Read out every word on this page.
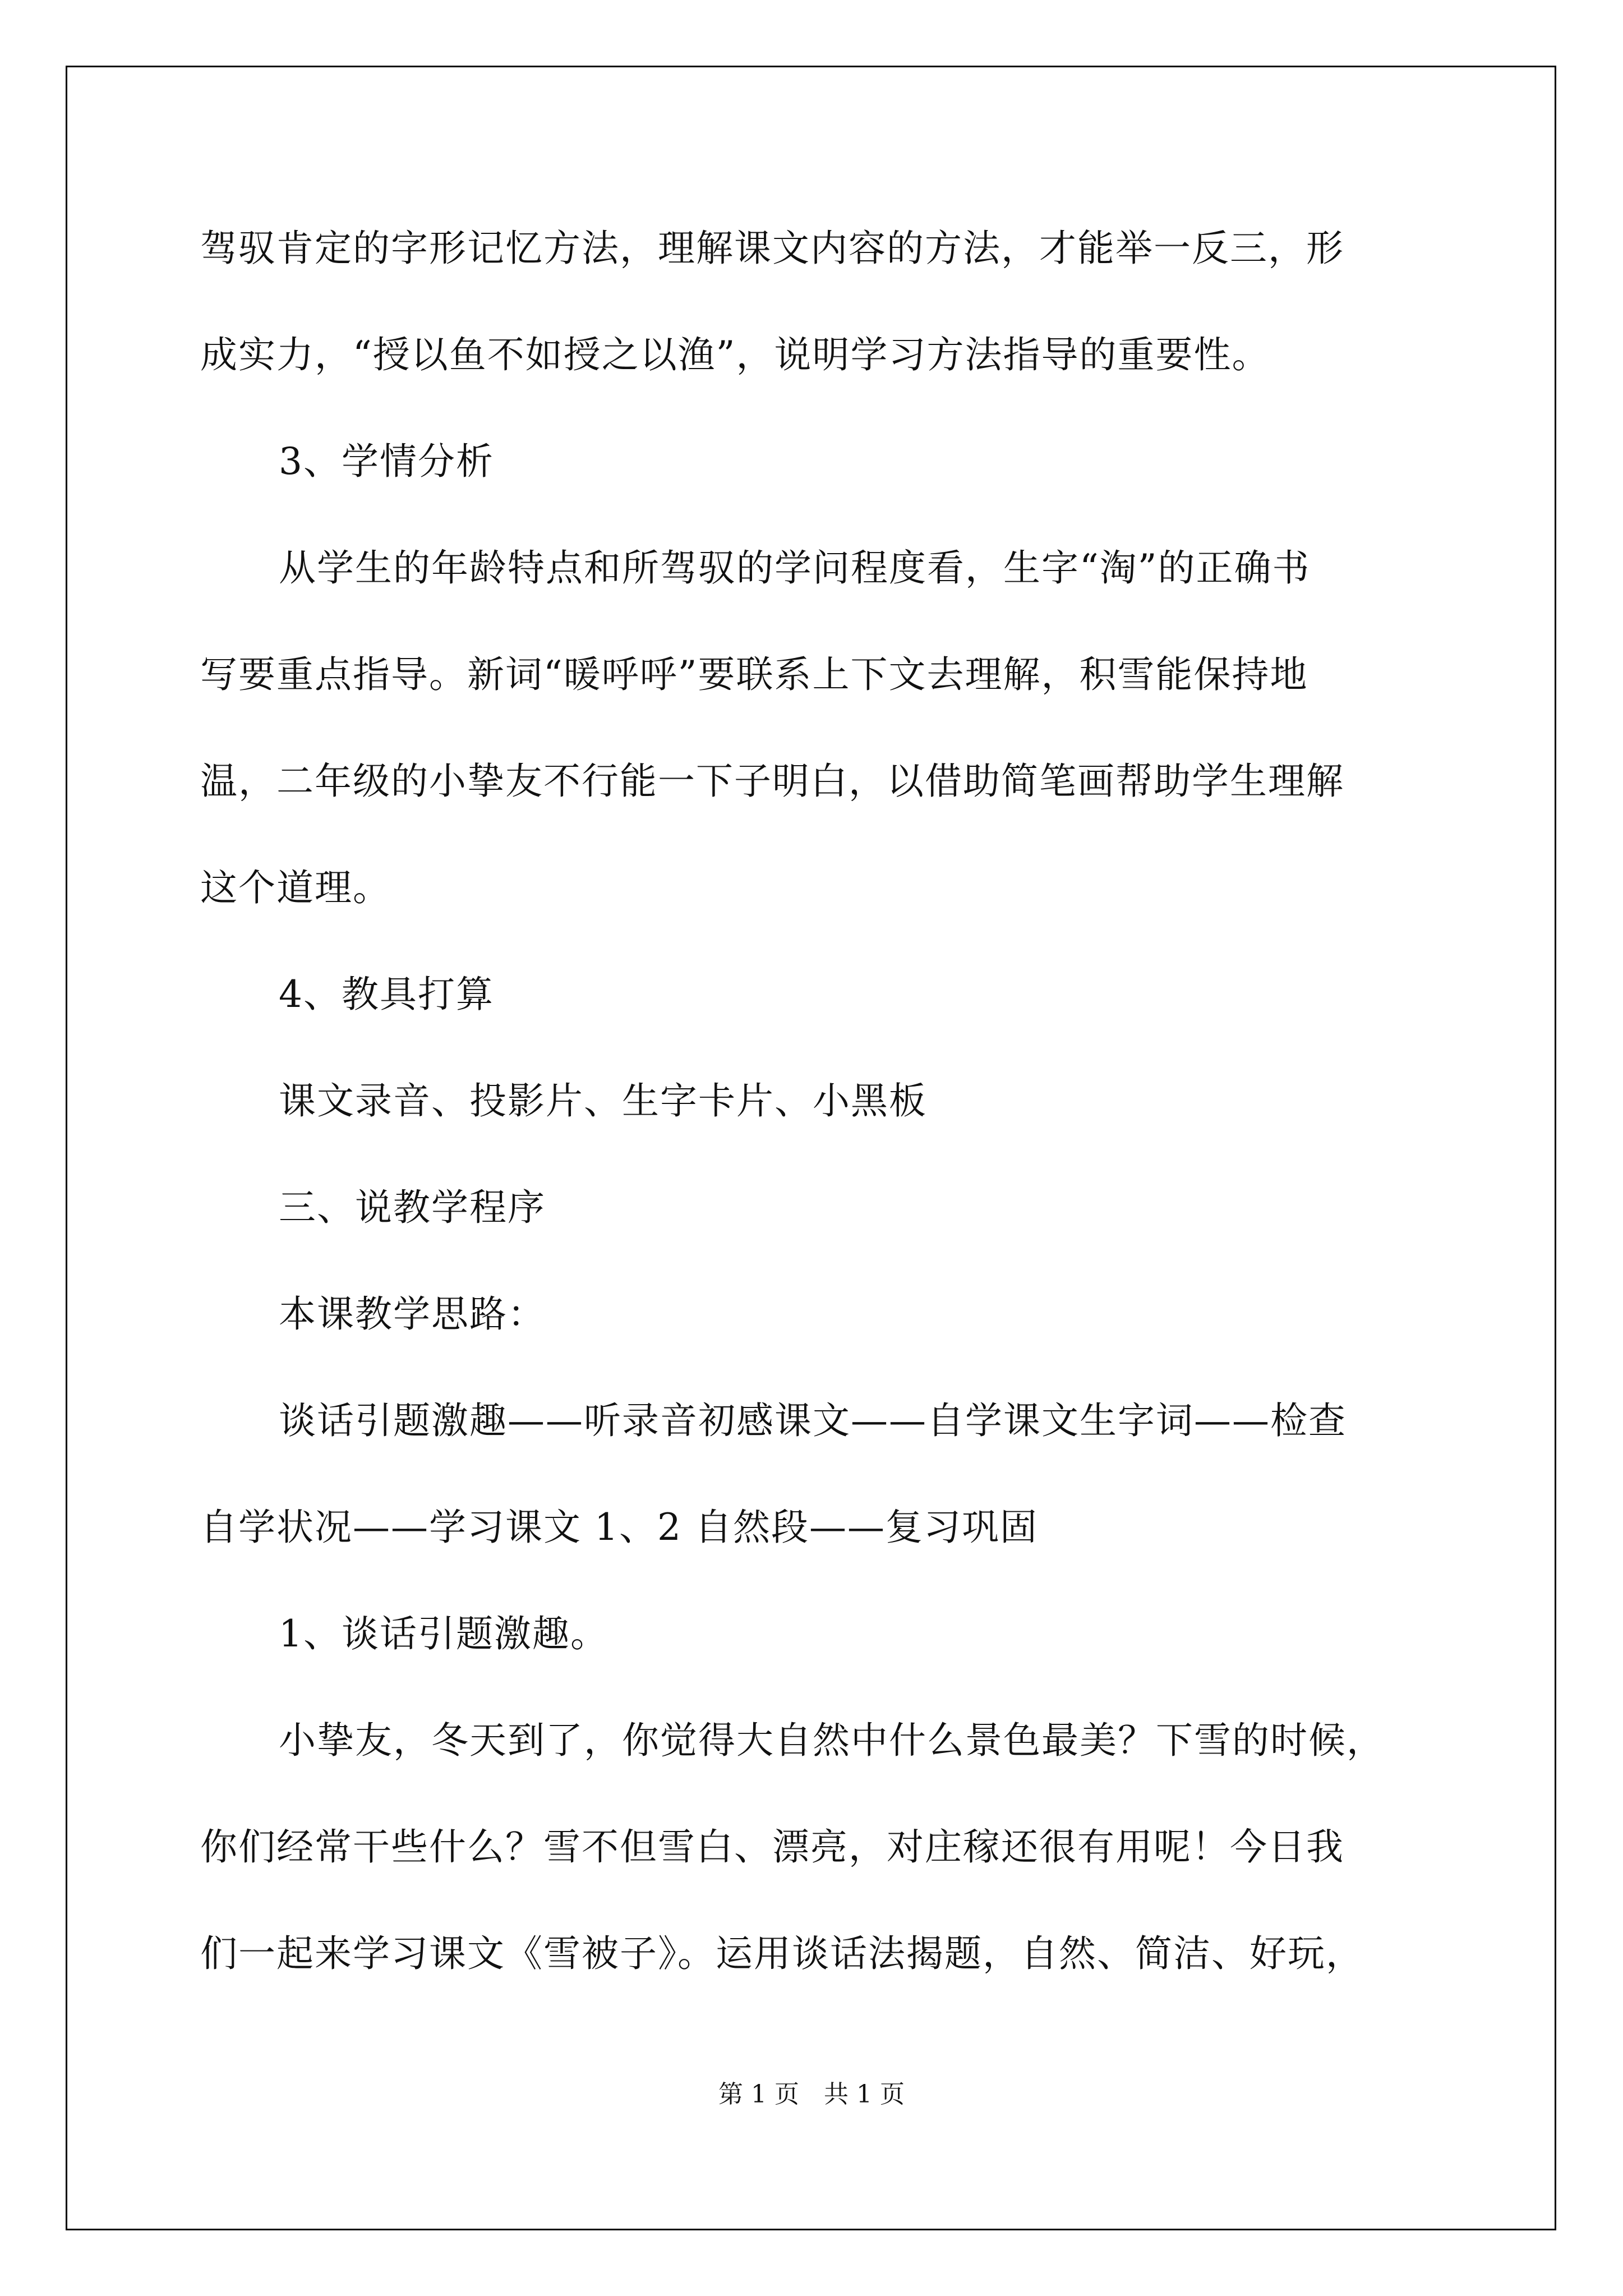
驾驭肯定的字形记忆方法，理解课文内容的方法，才能举一反三，形
成实力，“授以鱼不如授之以渔”，说明学习方法指导的重要性。
3、学情分析
从学生的年龄特点和所驾驭的学问程度看，生字“淘”的正确书
写要重点指导。新词“暖呼呼”要联系上下文去理解，积雪能保持地
温，二年级的小挚友不行能一下子明白，以借助简笔画帮助学生理解
这个道理。
4、教具打算
课文录音、投影片、生字卡片、小黑板
三、说教学程序
本课教学思路：
谈话引题激趣——听录音初感课文——自学课文生字词——检查
自学状况——学习课文 1、2 自然段——复习巩固
1、谈话引题激趣。
小挚友，冬天到了，你觉得大自然中什么景色最美？下雪的时候，
你们经常干些什么？雪不但雪白、漂亮，对庄稼还很有用呢！今日我
们一起来学习课文《雪被子》。运用谈话法揭题，自然、简洁、好玩，
第 1 页　共 1 页
